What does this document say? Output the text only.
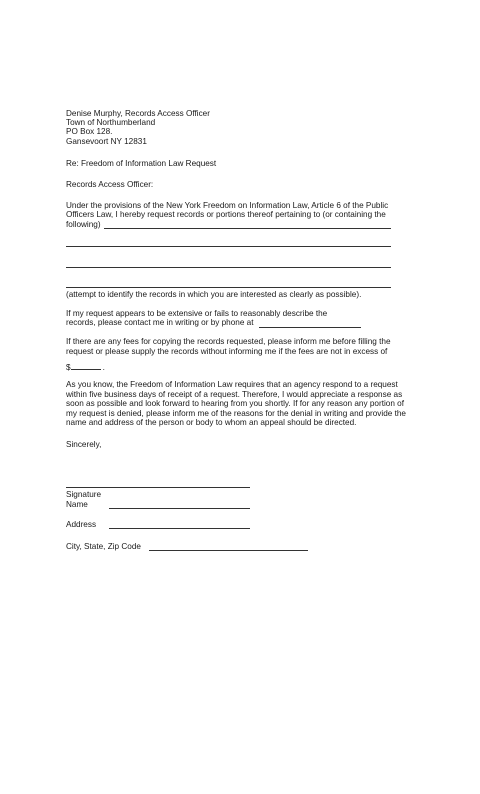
Denise Murphy, Records Access Officer
Town of Northumberland
PO Box 128.
Gansevoort NY 12831
Re: Freedom of Information Law Request
Records Access Officer:
Under the provisions of the New York Freedom on Information Law, Article 6 of the Public
Officers Law, I hereby request records or portions thereof pertaining to (or containing the
following)
(attempt to identify the records in which you are interested as clearly as possible).
If my request appears to be extensive or fails to reasonably describe the
records, please contact me in writing or by phone at
If there are any fees for copying the records requested, please inform me before filling the
request or please supply the records without informing me if the fees are not in excess of
$	.
As you know, the Freedom of Information Law requires that an agency respond to a request
within five business days of receipt of a request. Therefore, I would appreciate a response as
soon as possible and look forward to hearing from you shortly. If for any reason any portion of
my request is denied, please inform me of the reasons for the denial in writing and provide the
name and address of the person or body to whom an appeal should be directed.
Sincerely,
Signature
Name
Address
City, State, Zip Code
